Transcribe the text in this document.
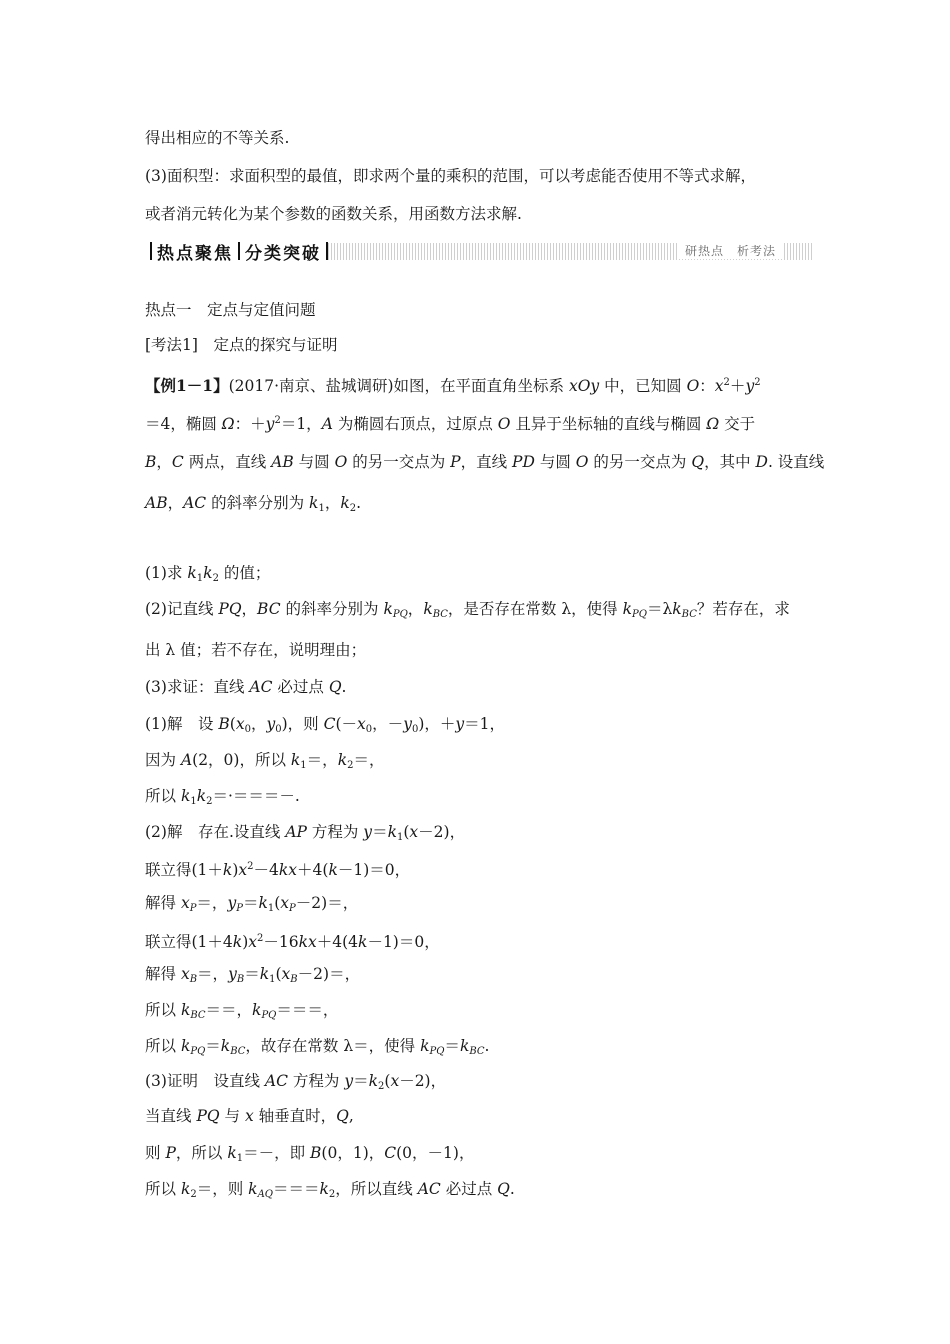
得出相应的不等关系.
(3)面积型：求面积型的最值，即求两个量的乘积的范围，可以考虑能否使用不等式求解，
或者消元转化为某个参数的函数关系，用函数方法求解.
热点聚焦 分类突破	研热点　析考法
热点一　定点与定值问题
[考法1]　定点的探究与证明
【例1－1】(2017·南京、盐城调研)如图，在平面直角坐标系 xOy 中，已知圆 O：$x^2+y^2$
＝4，椭圆 Ω：$+y^2=1$，A 为椭圆右顶点，过原点 O 且异于坐标轴的直线与椭圆 Ω 交于
B，C 两点，直线 AB 与圆 O 的另一交点为 P，直线 PD 与圆 O 的另一交点为 Q，其中 D. 设直线
AB，AC 的斜率分别为 $k_1$，$k_2$.
(1)求 $k_1k_2$ 的值；
(2)记直线 PQ，BC 的斜率分别为 $k_{PQ}$，$k_{BC}$，是否存在常数 λ，使得 $k_{PQ}=\lambda k_{BC}$？若存在，求
出 λ 值；若不存在，说明理由；
(3)求证：直线 AC 必过点 Q.
(1)解　设 $B(x_0$，$y_0$)，则 $C(-x_0$，$-y_0$)，＋y＝1，
因为 A(2，0)，所以 $k_1=$，$k_2=$，
所以 $k_1k_2=\cdot===-$.
(2)解　存在.设直线 AP 方程为 $y=k_1(x-2)$，
联立得$(1+k)x^2-4kx+4(k-1)=0$，
解得 $x_P=$，$y_P=k_1(x_P-2)=$，
联立得$(1+4k)x^2-16kx+4(4k-1)=0$，
解得 $x_B=$，$y_B=k_1(x_B-2)=$，
所以 $k_{BC}==$，$k_{PQ}===$，
所以 $k_{PQ}=k_{BC}$，故存在常数 λ＝，使得 $k_{PQ}=k_{BC}$.
(3)证明　设直线 AC 方程为 $y=k_2(x-2)$，
当直线 PQ 与 x 轴垂直时，Q,
则 P，所以 $k_1=-$，即 B(0，1)，C(0，－1)，
所以 $k_2=$，则 $k_{AQ}===k_2$，所以直线 AC 必过点 Q.
